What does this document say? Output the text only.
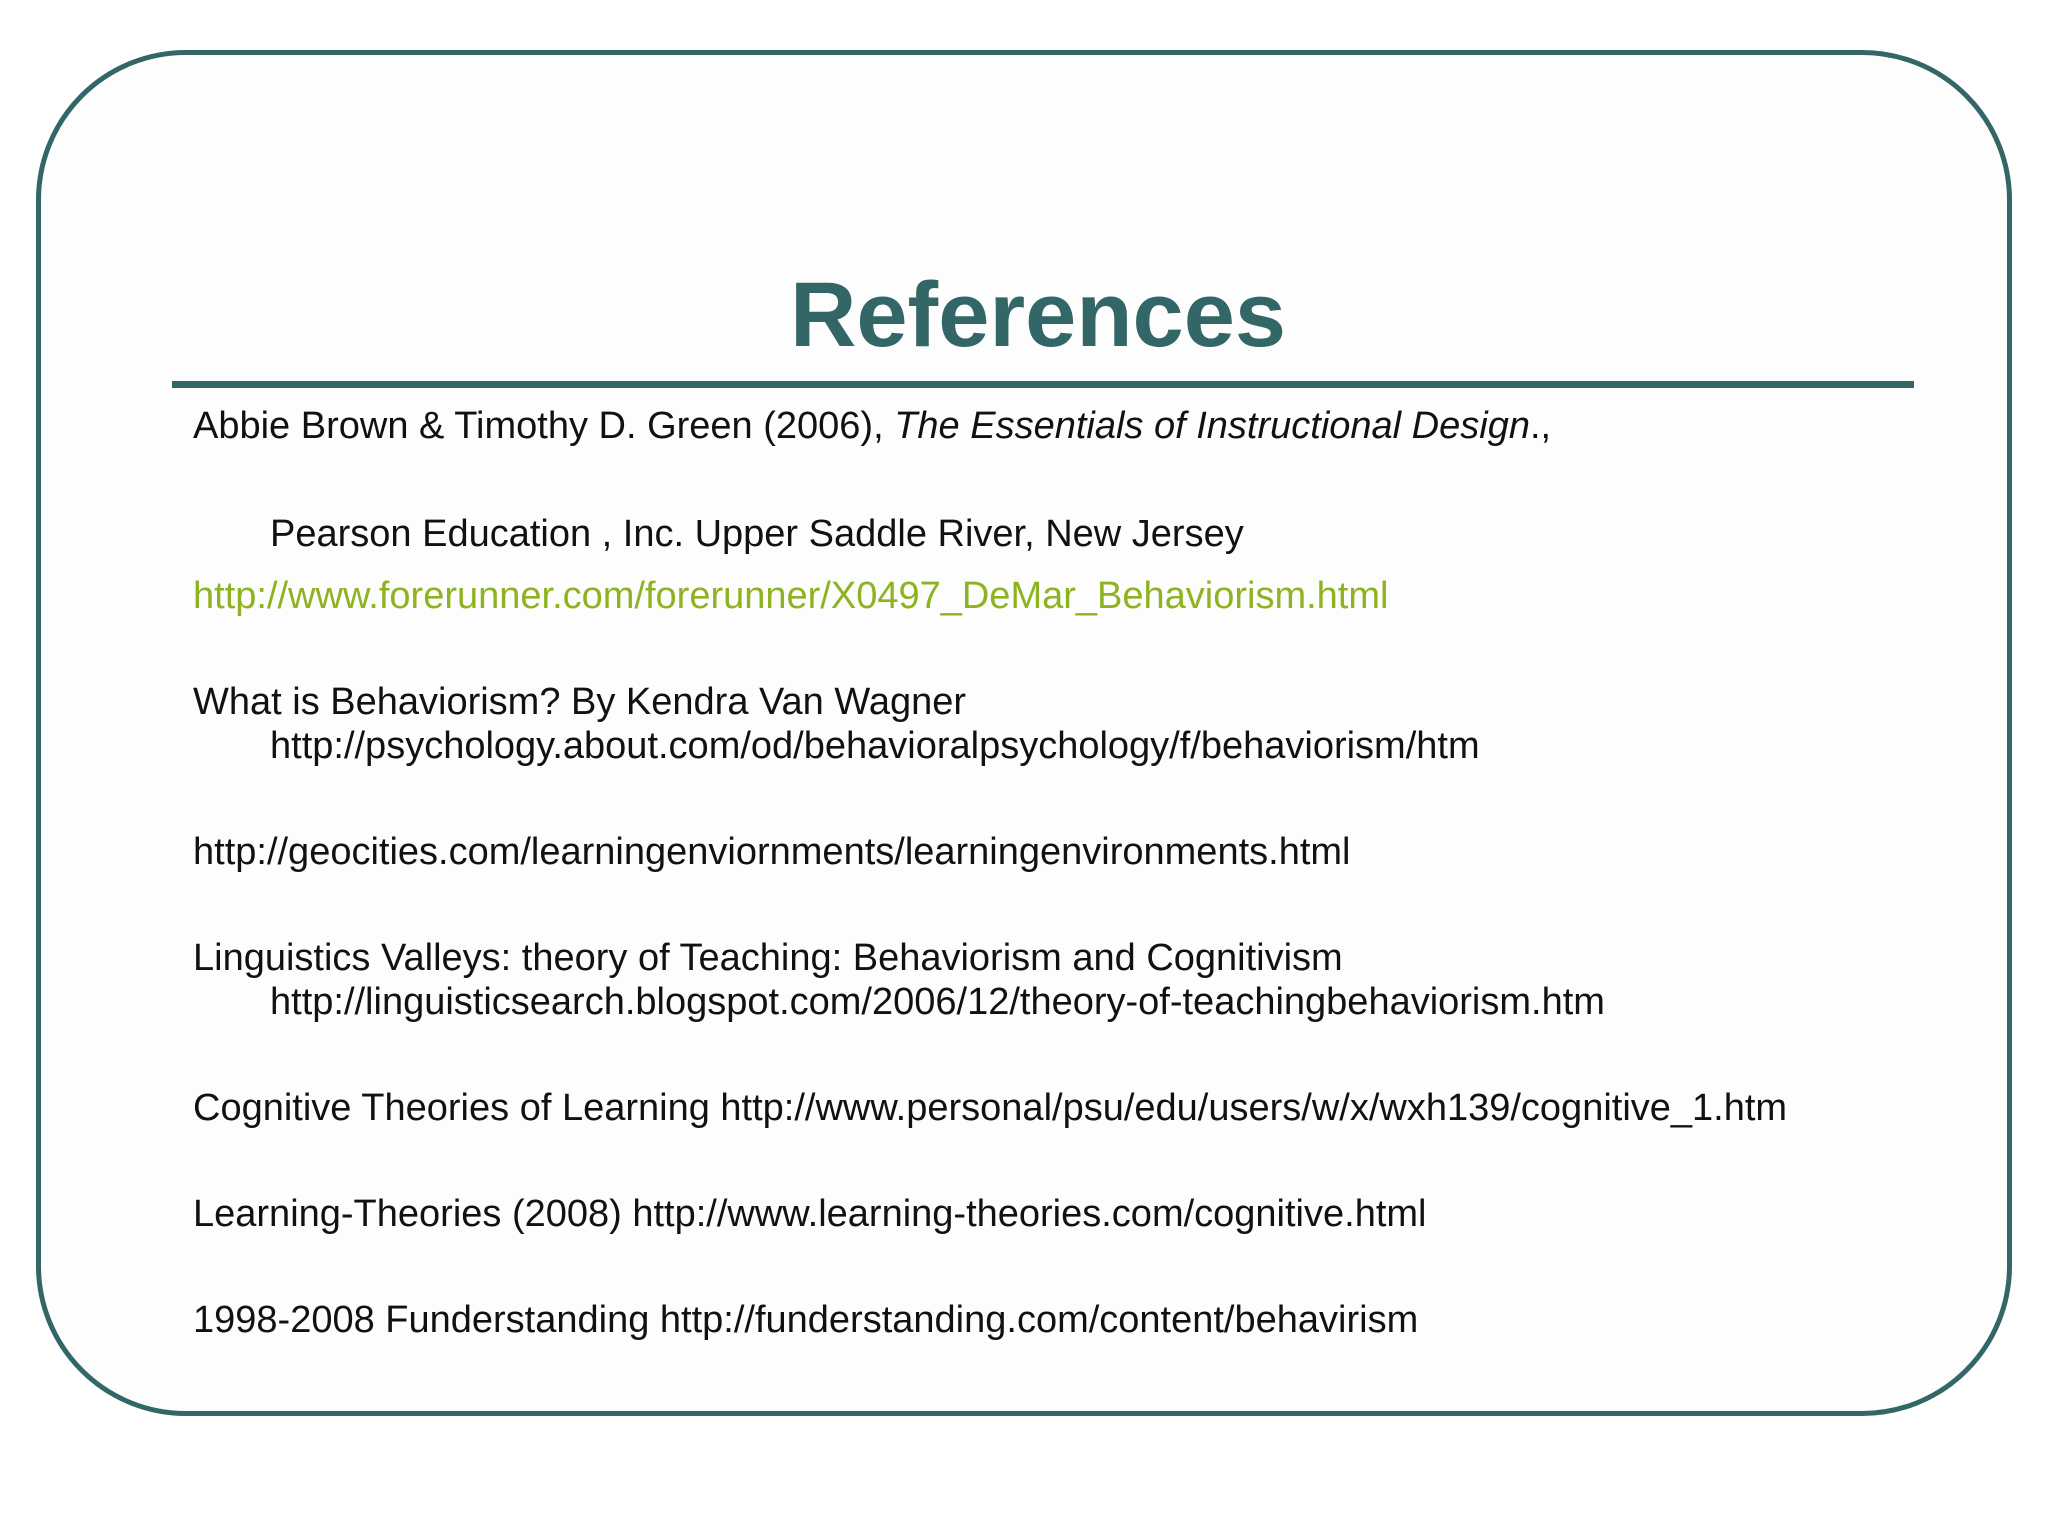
References
Abbie Brown & Timothy D. Green (2006), The Essentials of Instructional Design.,
Pearson Education , Inc. Upper Saddle River, New Jersey
http://www.forerunner.com/forerunner/X0497_DeMar_Behaviorism.html
What is Behaviorism? By Kendra Van Wagner
http://psychology.about.com/od/behavioralpsychology/f/behaviorism/htm
http://geocities.com/learningenviornments/learningenvironments.html
Linguistics Valleys: theory of Teaching: Behaviorism and Cognitivism
http://linguisticsearch.blogspot.com/2006/12/theory-of-teachingbehaviorism.htm
Cognitive Theories of Learning http://www.personal/psu/edu/users/w/x/wxh139/cognitive_1.htm
Learning-Theories (2008) http://www.learning-theories.com/cognitive.html
1998-2008 Funderstanding http://funderstanding.com/content/behavirism
